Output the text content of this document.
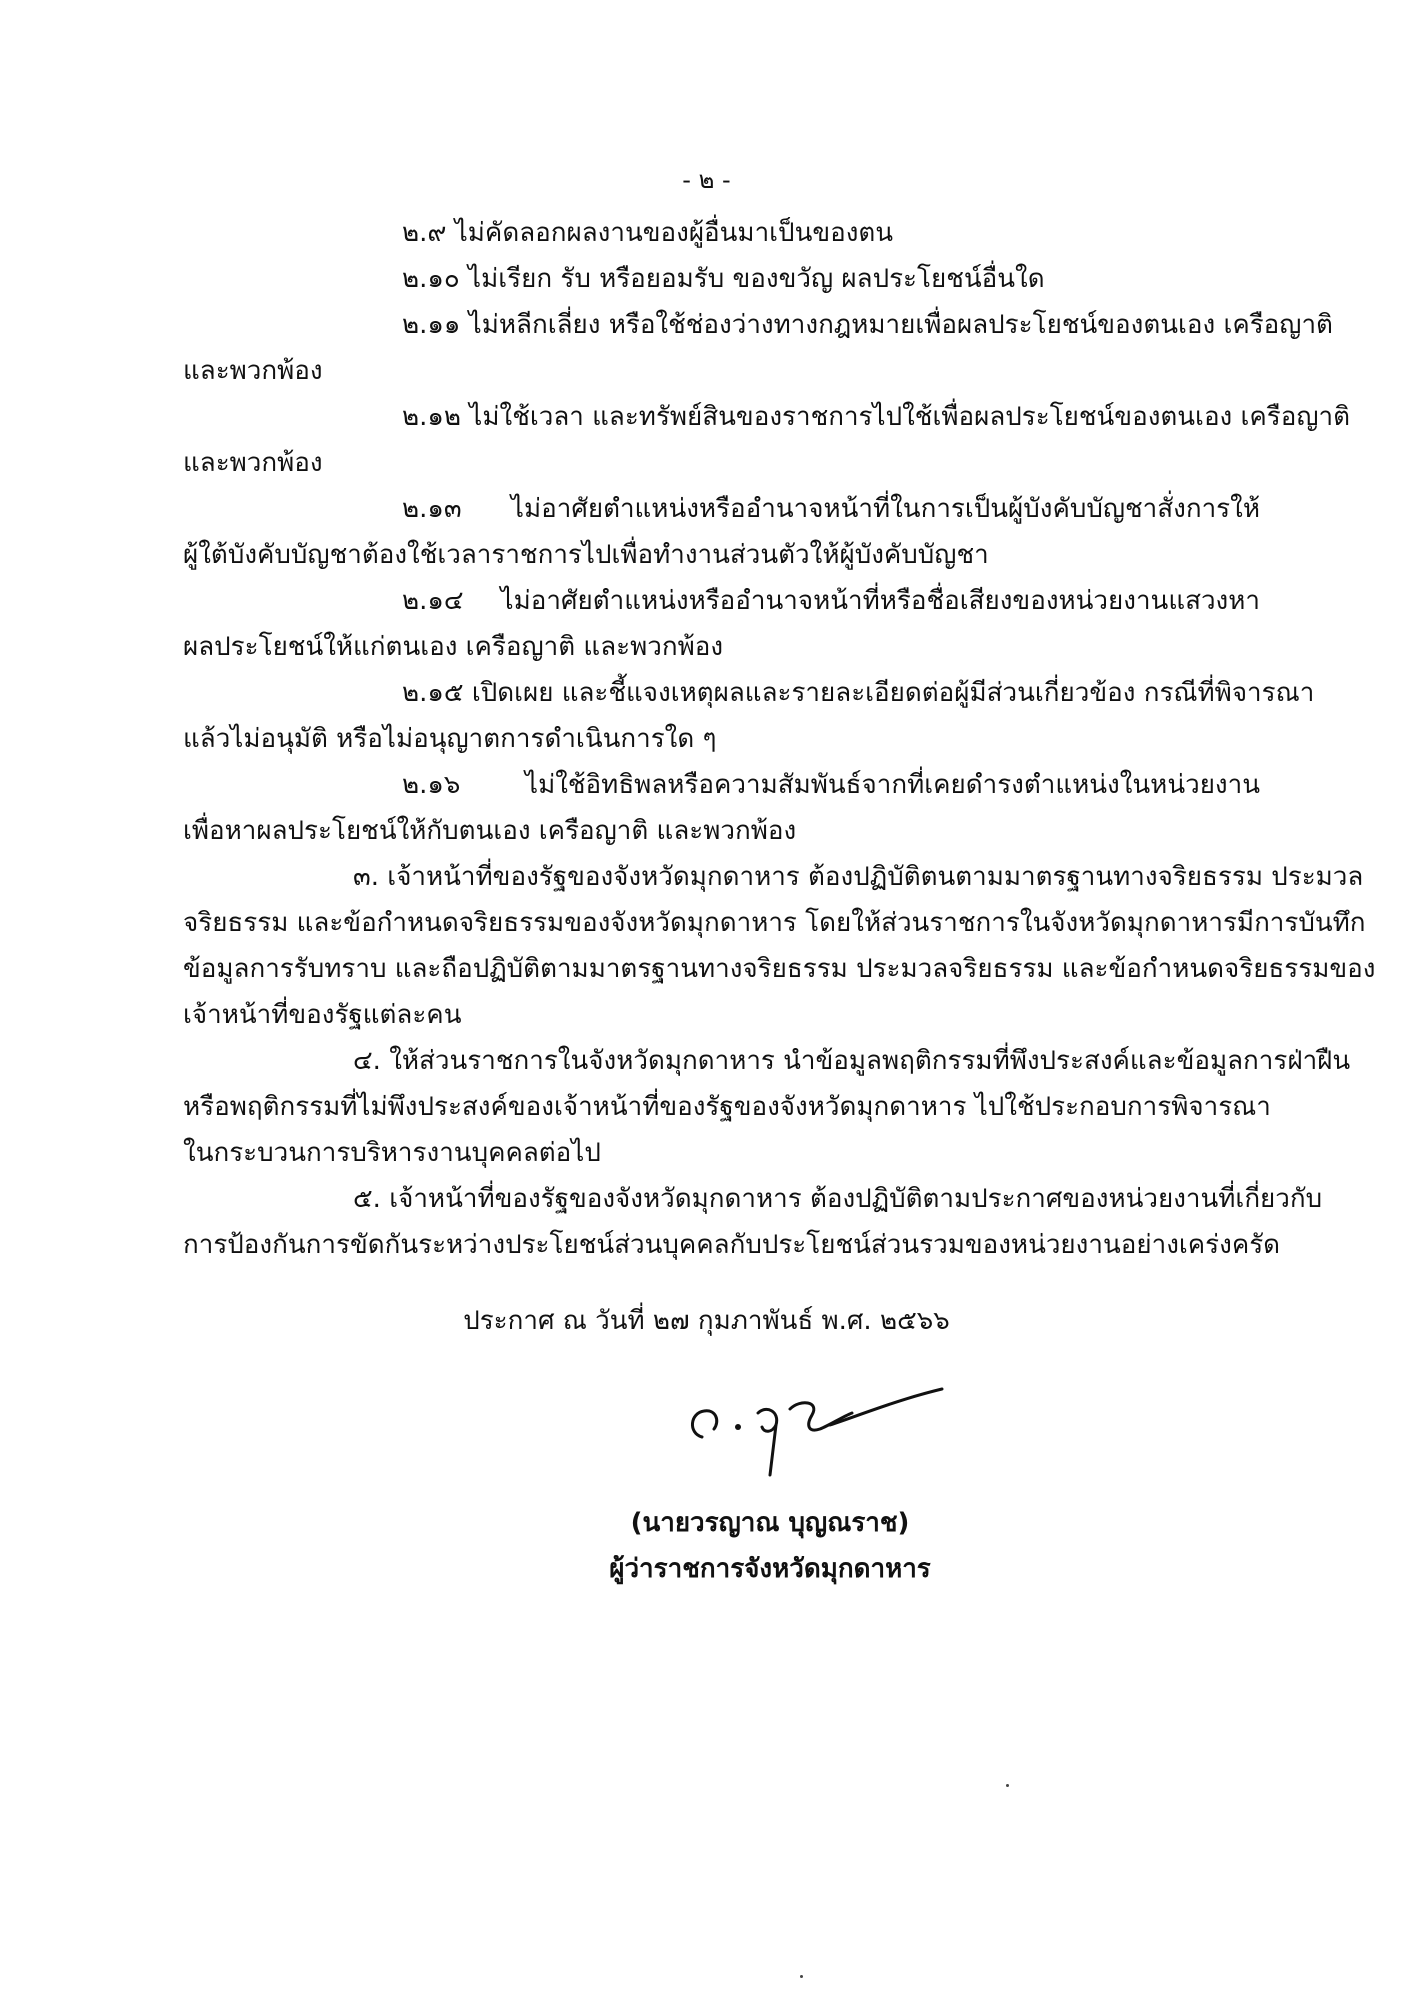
- ๒ -
๒.๙ ไม่คัดลอกผลงานของผู้อื่นมาเป็นของตน
๒.๑๐ ไม่เรียก รับ หรือยอมรับ ของขวัญ ผลประโยชน์อื่นใด
๒.๑๑ ไม่หลีกเลี่ยง หรือใช้ช่องว่างทางกฎหมายเพื่อผลประโยชน์ของตนเอง เครือญาติ
และพวกพ้อง
๒.๑๒ ไม่ใช้เวลา และทรัพย์สินของราชการไปใช้เพื่อผลประโยชน์ของตนเอง เครือญาติ
และพวกพ้อง
๒.๑๓ ไม่อาศัยตำแหน่งหรืออำนาจหน้าที่ในการเป็นผู้บังคับบัญชาสั่งการให้
ผู้ใต้บังคับบัญชาต้องใช้เวลาราชการไปเพื่อทำงานส่วนตัวให้ผู้บังคับบัญชา
๒.๑๔ ไม่อาศัยตำแหน่งหรืออำนาจหน้าที่หรือชื่อเสียงของหน่วยงานแสวงหา
ผลประโยชน์ให้แก่ตนเอง เครือญาติ และพวกพ้อง
๒.๑๕ เปิดเผย และชี้แจงเหตุผลและรายละเอียดต่อผู้มีส่วนเกี่ยวข้อง กรณีที่พิจารณา
แล้วไม่อนุมัติ หรือไม่อนุญาตการดำเนินการใด ๆ
๒.๑๖ ไม่ใช้อิทธิพลหรือความสัมพันธ์จากที่เคยดำรงตำแหน่งในหน่วยงาน
เพื่อหาผลประโยชน์ให้กับตนเอง เครือญาติ และพวกพ้อง
๓. เจ้าหน้าที่ของรัฐของจังหวัดมุกดาหาร ต้องปฏิบัติตนตามมาตรฐานทางจริยธรรม ประมวล
จริยธรรม และข้อกำหนดจริยธรรมของจังหวัดมุกดาหาร โดยให้ส่วนราชการในจังหวัดมุกดาหารมีการบันทึก
ข้อมูลการรับทราบ และถือปฏิบัติตามมาตรฐานทางจริยธรรม ประมวลจริยธรรม และข้อกำหนดจริยธรรมของ
เจ้าหน้าที่ของรัฐแต่ละคน
๔. ให้ส่วนราชการในจังหวัดมุกดาหาร นำข้อมูลพฤติกรรมที่พึงประสงค์และข้อมูลการฝ่าฝืน
หรือพฤติกรรมที่ไม่พึงประสงค์ของเจ้าหน้าที่ของรัฐของจังหวัดมุกดาหาร ไปใช้ประกอบการพิจารณา
ในกระบวนการบริหารงานบุคคลต่อไป
๕. เจ้าหน้าที่ของรัฐของจังหวัดมุกดาหาร ต้องปฏิบัติตามประกาศของหน่วยงานที่เกี่ยวกับ
การป้องกันการขัดกันระหว่างประโยชน์ส่วนบุคคลกับประโยชน์ส่วนรวมของหน่วยงานอย่างเคร่งครัด
ประกาศ ณ วันที่ ๒๗ กุมภาพันธ์ พ.ศ. ๒๕๖๖
(นายวรญาณ บุญณราช)
ผู้ว่าราชการจังหวัดมุกดาหาร
